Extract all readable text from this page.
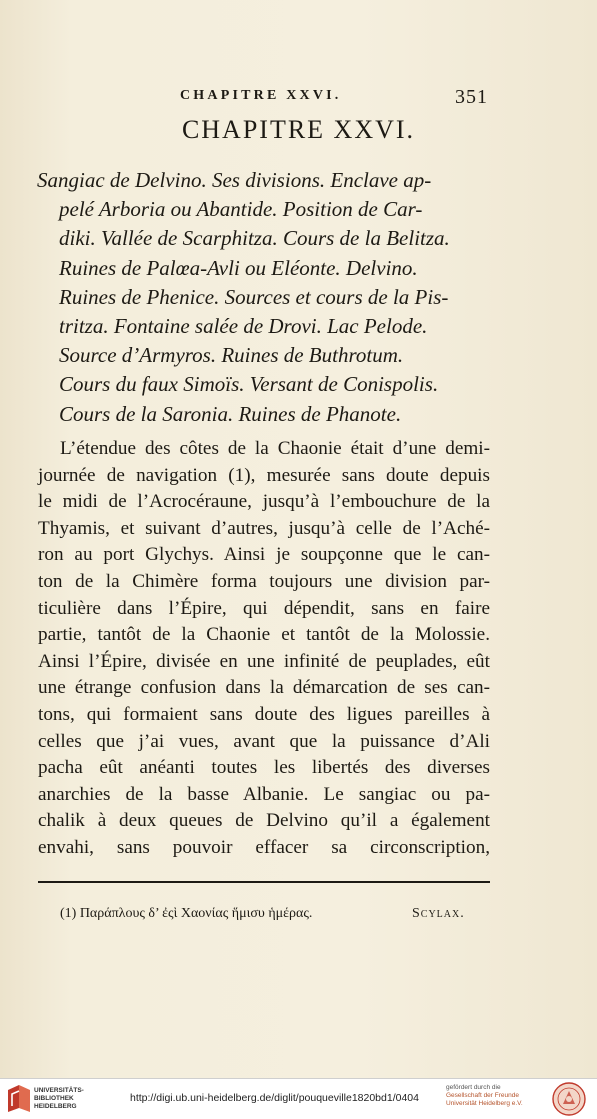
CHAPITRE XXVI.	351
CHAPITRE XXVI.
Sangiac de Delvino. Ses divisions. Enclave ap-
pelé Arboria ou Abantide. Position de Car-
diki. Vallée de Scarphitza. Cours de la Belitza.
Ruines de Palœa-Avli ou Eléonte. Delvino.
Ruines de Phenice. Sources et cours de la Pis-
tritza. Fontaine salée de Drovi. Lac Pelode.
Source d’Armyros. Ruines de Buthrotum.
Cours du faux Simoïs. Versant de Conispolis.
Cours de la Saronia. Ruines de Phanote.
L’étendue des côtes de la Chaonie était d’une demi-
journée de navigation (1), mesurée sans doute depuis
le midi de l’Acrocéraune, jusqu’à l’embouchure de la
Thyamis, et suivant d’autres, jusqu’à celle de l’Aché-
ron au port Glychys. Ainsi je soupçonne que le can-
ton de la Chimère forma toujours une division par-
ticulière dans l’Épire, qui dépendit, sans en faire
partie, tantôt de la Chaonie et tantôt de la Molossie.
Ainsi l’Épire, divisée en une infinité de peuplades, eût
une étrange confusion dans la démarcation de ses can-
tons, qui formaient sans doute des ligues pareilles à
celles que j’ai vues, avant que la puissance d’Ali
pacha eût anéanti toutes les libertés des diverses
anarchies de la basse Albanie. Le sangiac ou pa-
chalik à deux queues de Delvino qu’il a également
envahi, sans pouvoir effacer sa circonscription,
(1) Παράπλους δ’ ἐςὶ Χαονίας ἥμισυ ἡμέρας.	Scylax.
UNIVERSITÄTS-
BIBLIOTHEK
HEIDELBERG
http://digi.ub.uni-heidelberg.de/diglit/pouqueville1820bd1/0404
gefördert durch die
Gesellschaft der Freunde
Universität Heidelberg e.V.
